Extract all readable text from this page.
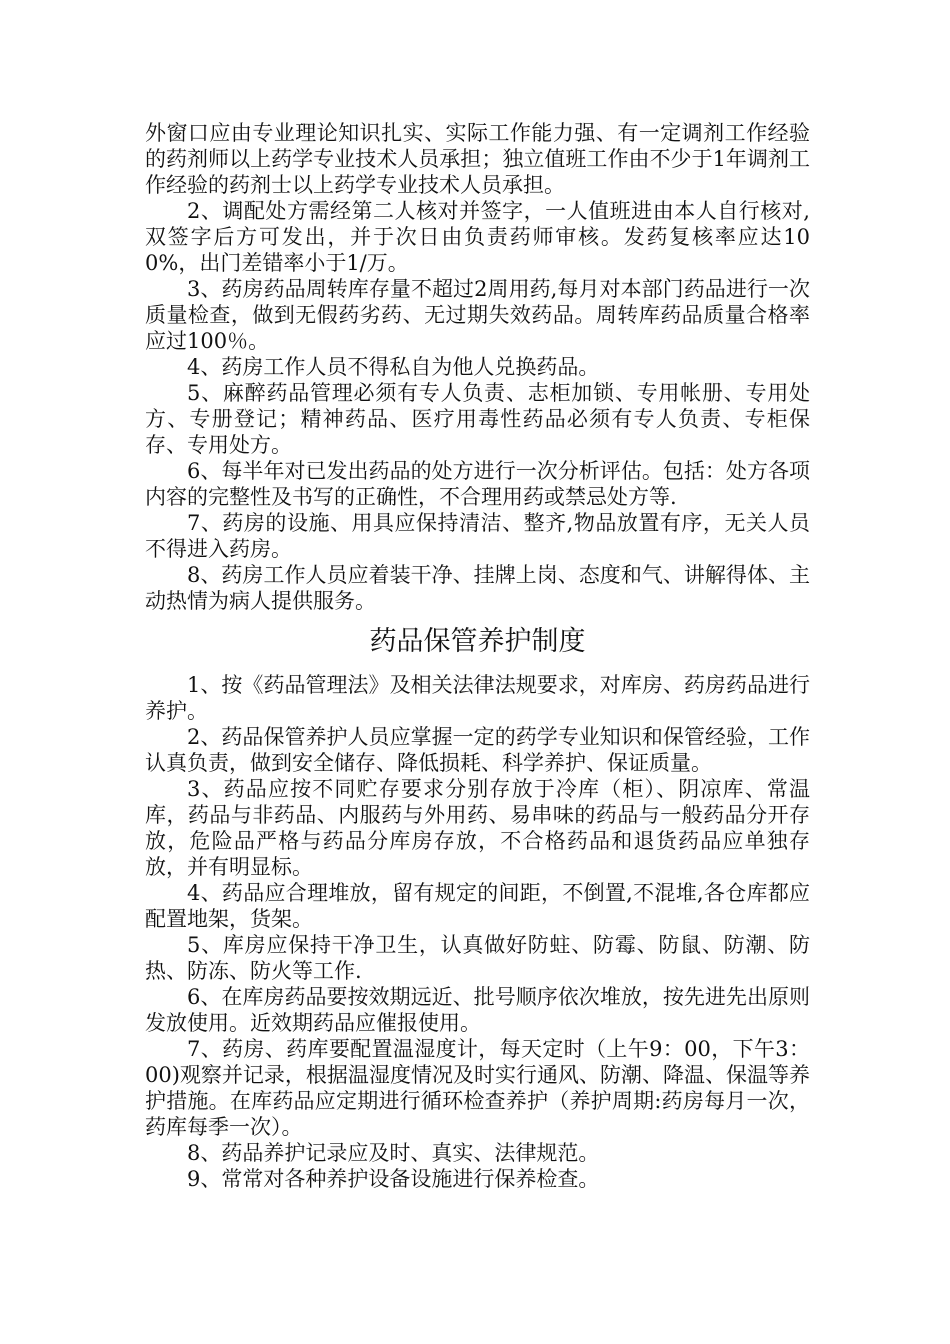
外窗口应由专业理论知识扎实、实际工作能力强、有一定调剂工作经验的药剂师以上药学专业技术人员承担；独立值班工作由不少于1年调剂工作经验的药剂士以上药学专业技术人员承担。

2、调配处方需经第二人核对并签字，一人值班进由本人自行核对,双签字后方可发出，并于次日由负责药师审核。发药复核率应达100%，出门差错率小于1/万。

3、药房药品周转库存量不超过2周用药,每月对本部门药品进行一次质量检查，做到无假药劣药、无过期失效药品。周转库药品质量合格率应过100％。

4、药房工作人员不得私自为他人兑换药品。

5、麻醉药品管理必须有专人负责、志柜加锁、专用帐册、专用处方、专册登记；精神药品、医疗用毒性药品必须有专人负责、专柜保存、专用处方。

6、每半年对已发出药品的处方进行一次分析评估。包括：处方各项内容的完整性及书写的正确性，不合理用药或禁忌处方等.

7、药房的设施、用具应保持清洁、整齐,物品放置有序，无关人员不得进入药房。

8、药房工作人员应着装干净、挂牌上岗、态度和气、讲解得体、主动热情为病人提供服务。

药品保管养护制度

1、按《药品管理法》及相关法律法规要求，对库房、药房药品进行养护。

2、药品保管养护人员应掌握一定的药学专业知识和保管经验，工作认真负责，做到安全储存、降低损耗、科学养护、保证质量。

3、药品应按不同贮存要求分别存放于冷库（柜）、阴凉库、常温库，药品与非药品、内服药与外用药、易串味的药品与一般药品分开存放，危险品严格与药品分库房存放，不合格药品和退货药品应单独存放，并有明显标。

4、药品应合理堆放，留有规定的间距，不倒置,不混堆,各仓库都应配置地架，货架。

5、库房应保持干净卫生，认真做好防蛀、防霉、防鼠、防潮、防热、防冻、防火等工作.

6、在库房药品要按效期远近、批号顺序依次堆放，按先进先出原则发放使用。近效期药品应催报使用。

7、药房、药库要配置温湿度计，每天定时（上午9：00，下午3：00)观察并记录，根据温湿度情况及时实行通风、防潮、降温、保温等养护措施。在库药品应定期进行循环检查养护（养护周期:药房每月一次，药库每季一次）。

8、药品养护记录应及时、真实、法律规范。

9、常常对各种养护设备设施进行保养检查。
